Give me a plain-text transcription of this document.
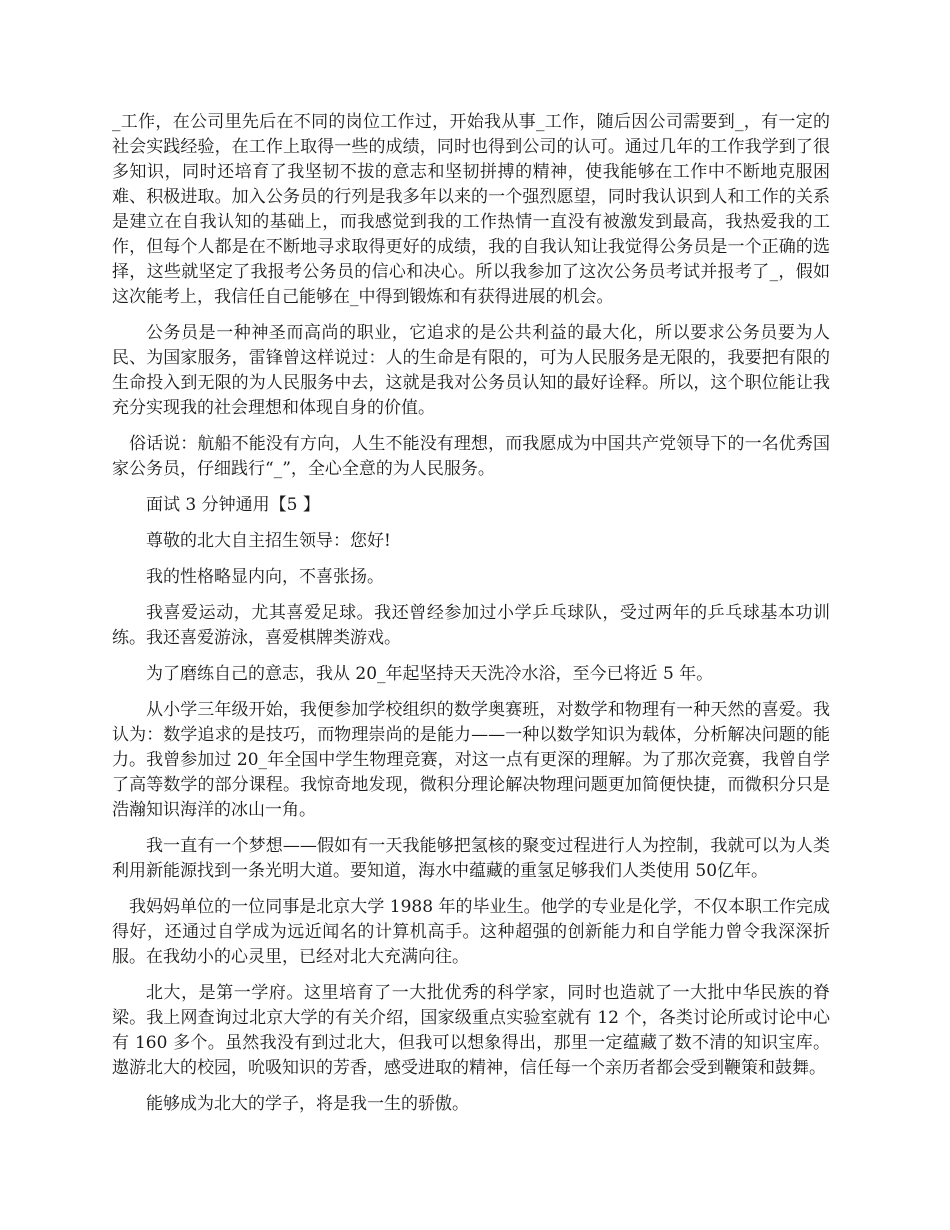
_工作，在公司里先后在不同的岗位工作过，开始我从事_工作，随后因公司需要到_，有一定的社会实践经验，在工作上取得一些的成绩，同时也得到公司的认可。通过几年的工作我学到了很多知识，同时还培育了我坚韧不拔的意志和坚韧拼搏的精神，使我能够在工作中不断地克服困难、积极进取。加入公务员的行列是我多年以来的一个强烈愿望，同时我认识到人和工作的关系是建立在自我认知的基础上，而我感觉到我的工作热情一直没有被激发到最高，我热爱我的工作，但每个人都是在不断地寻求取得更好的成绩，我的自我认知让我觉得公务员是一个正确的选择，这些就坚定了我报考公务员的信心和决心。所以我参加了这次公务员考试并报考了_，假如这次能考上，我信任自己能够在_中得到锻炼和有获得进展的机会。

公务员是一种神圣而高尚的职业，它追求的是公共利益的最大化，所以要求公务员要为人民、为国家服务，雷锋曾这样说过：人的生命是有限的，可为人民服务是无限的，我要把有限的生命投入到无限的为人民服务中去，这就是我对公务员认知的最好诠释。所以，这个职位能让我充分实现我的社会理想和体现自身的价值。

俗话说：航船不能没有方向，人生不能没有理想，而我愿成为中国共产党领导下的一名优秀国家公务员，仔细践行“_”，全心全意的为人民服务。

面试 3 分钟通用【5 】

尊敬的北大自主招生领导：您好!

我的性格略显内向，不喜张扬。

我喜爱运动，尤其喜爱足球。我还曾经参加过小学乒乓球队，受过两年的乒乓球基本功训练。我还喜爱游泳，喜爱棋牌类游戏。

为了磨练自己的意志，我从 20_年起坚持天天洗冷水浴，至今已将近 5 年。

从小学三年级开始，我便参加学校组织的数学奥赛班，对数学和物理有一种天然的喜爱。我认为：数学追求的是技巧，而物理崇尚的是能力——一种以数学知识为载体，分析解决问题的能力。我曾参加过 20_年全国中学生物理竞赛，对这一点有更深的理解。为了那次竞赛，我曾自学了高等数学的部分课程。我惊奇地发现，微积分理论解决物理问题更加简便快捷，而微积分只是浩瀚知识海洋的冰山一角。

我一直有一个梦想——假如有一天我能够把氢核的聚变过程进行人为控制，我就可以为人类利用新能源找到一条光明大道。要知道，海水中蕴藏的重氢足够我们人类使用 50亿年。

我妈妈单位的一位同事是北京大学 1988 年的毕业生。他学的专业是化学，不仅本职工作完成得好，还通过自学成为远近闻名的计算机高手。这种超强的创新能力和自学能力曾令我深深折服。在我幼小的心灵里，已经对北大充满向往。

北大，是第一学府。这里培育了一大批优秀的科学家，同时也造就了一大批中华民族的脊梁。我上网查询过北京大学的有关介绍，国家级重点实验室就有 12 个，各类讨论所或讨论中心有 160 多个。虽然我没有到过北大，但我可以想象得出，那里一定蕴藏了数不清的知识宝库。遨游北大的校园，吮吸知识的芳香，感受进取的精神，信任每一个亲历者都会受到鞭策和鼓舞。

能够成为北大的学子，将是我一生的骄傲。
